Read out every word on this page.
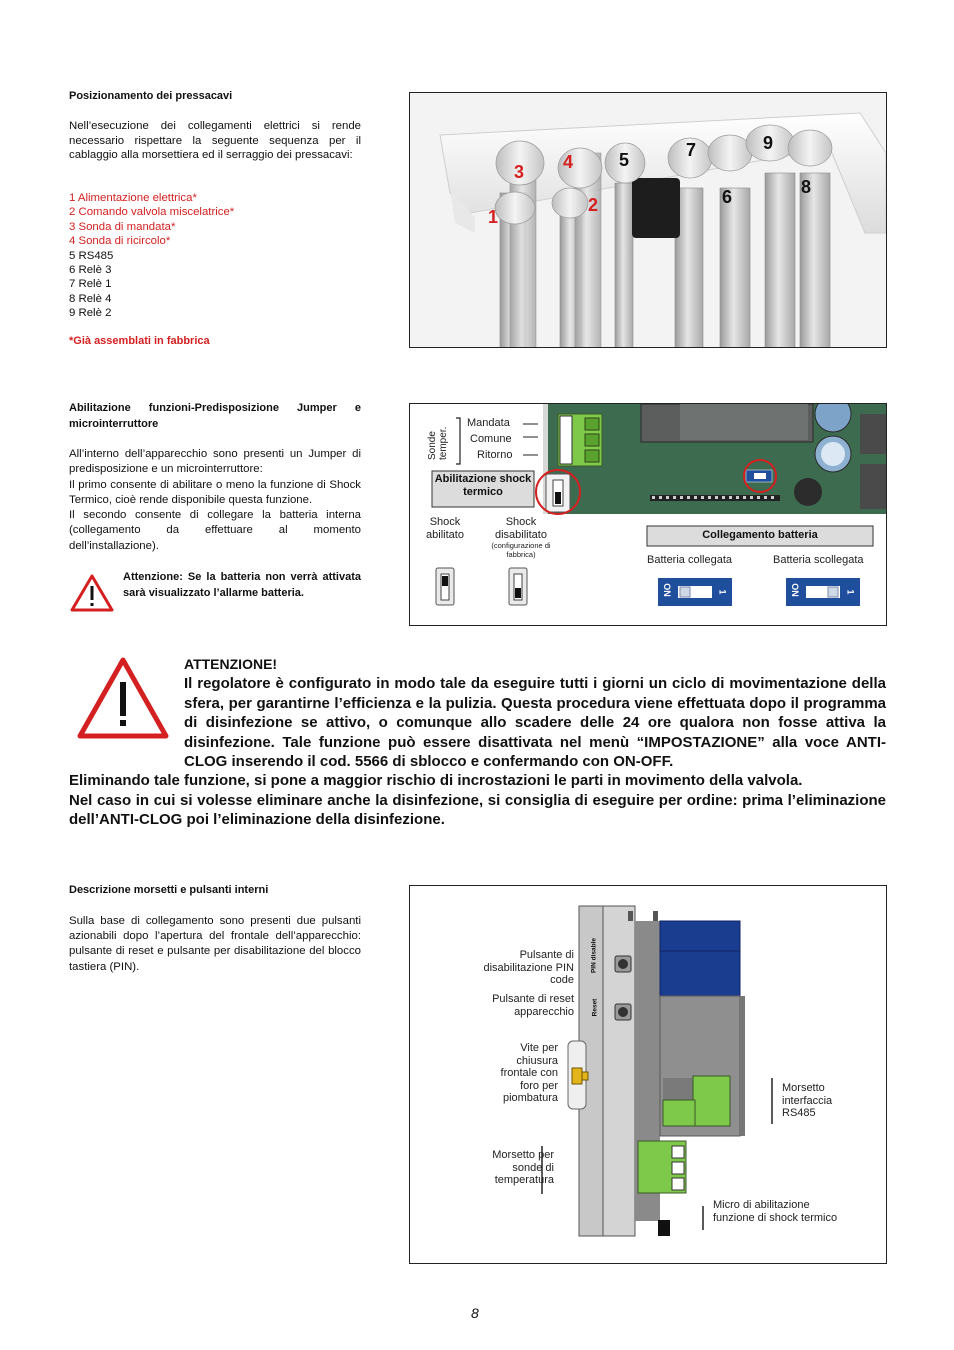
Posizionamento dei pressacavi
Nell’esecuzione dei collegamenti elettrici si rende necessario rispettare la seguente sequenza per il cablaggio alla morsettiera ed il serraggio dei pressacavi:
1 Alimentazione elettrica*
2 Comando valvola miscelatrice*
3 Sonda di mandata*
4 Sonda di ricircolo*
5 RS485
6 Relè 3
7 Relè 1
8 Relè 4
9 Relè 2
*Già assemblati in fabbrica
1
2
3 4	5
6
7
8
9
Abilitazione funzioni-Predisposizione Jumper e microinterruttore
All’interno dell’apparecchio sono presenti un Jumper di predisposizione e un microinterruttore:
Il primo consente di abilitare o meno la funzione di Shock Termico, cioè rende disponibile questa funzione.
Il secondo consente di collegare la batteria interna (collegamento da effettuare al momento dell’installazione).
Attenzione: Se la batteria non verrà attivata sarà visualizzato l’allarme batteria.
Sonde temper.
Mandata
Comune
Ritorno
Abilitazione shock termico
Shock abilitato
Shock disabilitato
(configurazione di fabbrica)
Collegamento batteria
Batteria collegata	Batteria scollegata
ON	1	ON	1
ATTENZIONE!
Il regolatore è configurato in modo tale da eseguire tutti i giorni un ciclo di movimentazione della sfera, per garantirne l’efficienza e la pulizia. Questa procedura viene effettuata dopo il programma di disinfezione se attivo, o comunque allo scadere delle 24 ore qualora non fosse attiva la disinfezione. Tale funzione può essere disattivata nel menù “IMPOSTAZIONE” alla voce ANTI-CLOG inserendo il cod. 5566 di sblocco e confermando con ON-OFF.
Eliminando tale funzione, si pone a maggior rischio di incrostazioni le parti in movimento della valvola.
Nel caso in cui si volesse eliminare anche la disinfezione, si consiglia di eseguire per ordine: prima l’eliminazione dell’ANTI-CLOG poi l’eliminazione della disinfezione.
Descrizione morsetti e pulsanti interni
Sulla base di collegamento sono presenti due pulsanti azionabili dopo l’apertura del frontale dell’apparecchio: pulsante di reset e pulsante per disabilitazione del blocco tastiera (PIN).
Pulsante di disabilitazione PIN code
Pulsante di reset apparecchio
Vite per chiusura frontale con foro per piombatura
Morsetto per sonde di temperatura
Morsetto interfaccia RS485
Micro di abilitazione funzione di shock termico
PIN disable
Reset
8
